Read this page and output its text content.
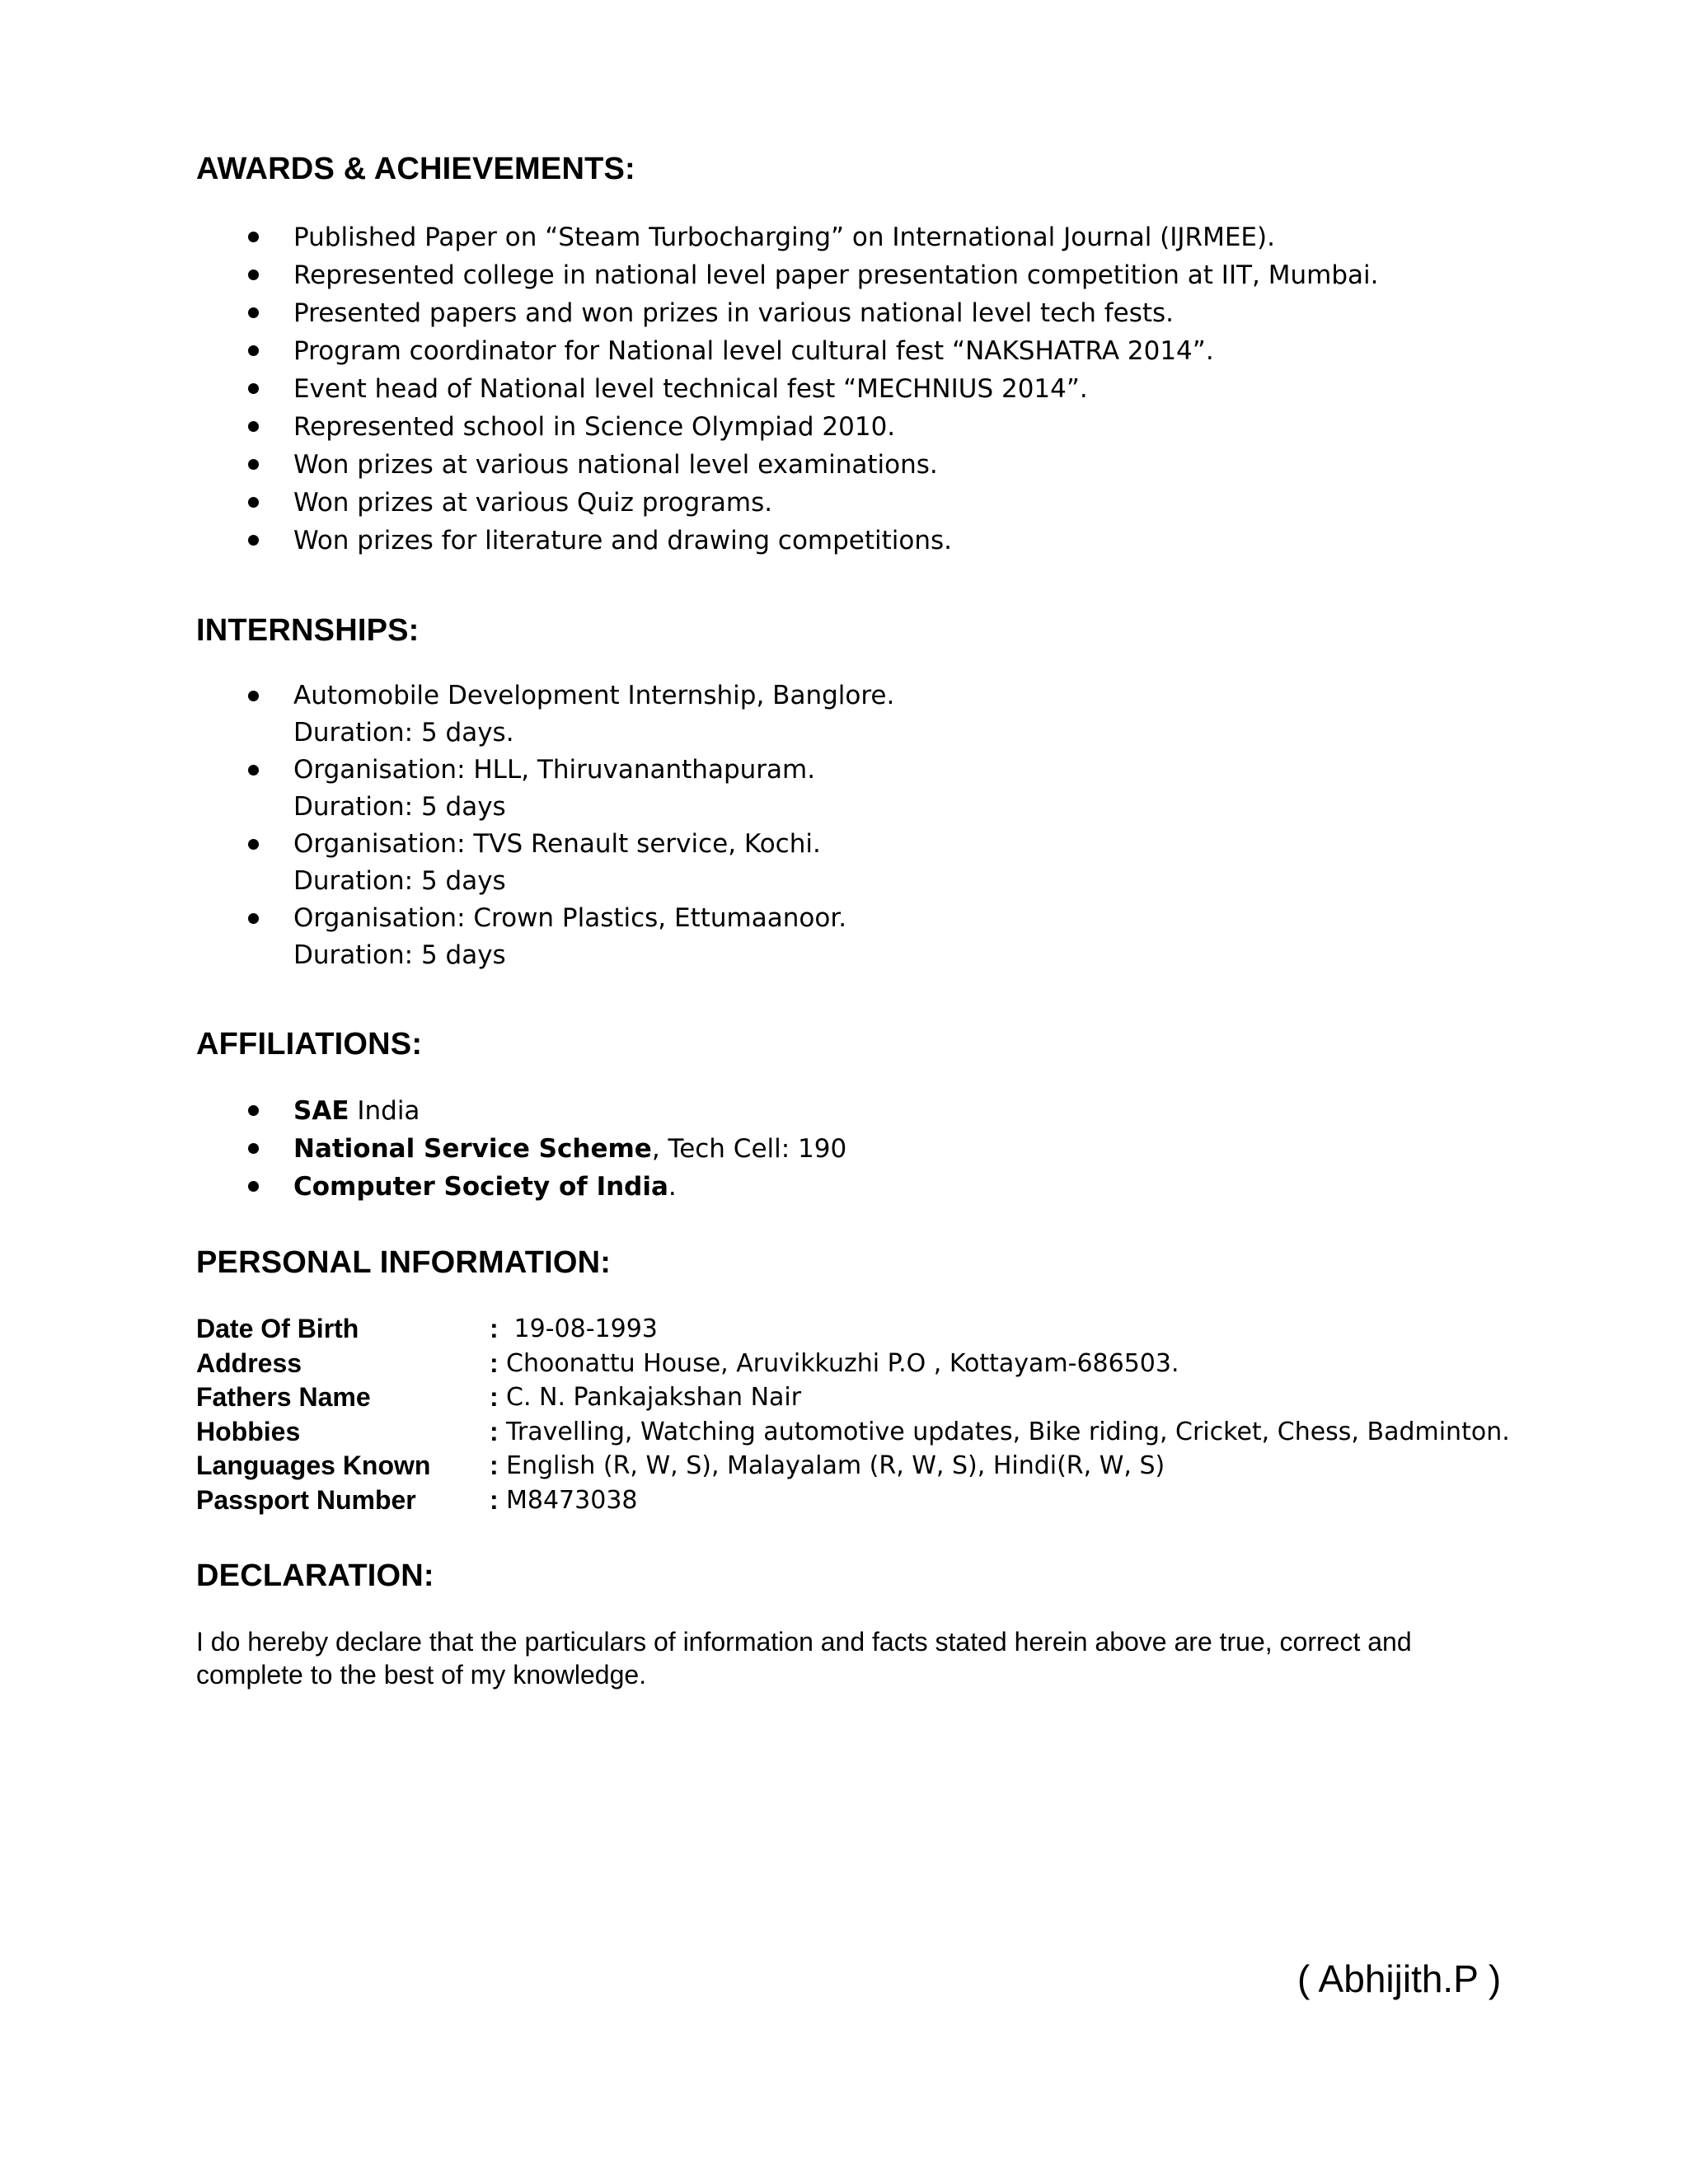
AWARDS & ACHIEVEMENTS:
Published Paper on “Steam Turbocharging” on International Journal (IJRMEE).
Represented college in national level paper presentation competition at IIT, Mumbai.
Presented papers and won prizes in various national level tech fests.
Program coordinator for National level cultural fest “NAKSHATRA 2014”.
Event head of National level technical fest “MECHNIUS 2014”.
Represented school in Science Olympiad 2010.
Won prizes at various national level examinations.
Won prizes at various Quiz programs.
Won prizes for literature and drawing competitions.
INTERNSHIPS:
Automobile Development Internship, Banglore.
Duration: 5 days.
Organisation: HLL, Thiruvananthapuram.
Duration: 5 days
Organisation: TVS Renault service, Kochi.
Duration: 5 days
Organisation: Crown Plastics, Ettumaanoor.
Duration: 5 days
AFFILIATIONS:
SAE India
National Service Scheme, Tech Cell: 190
Computer Society of India.
PERSONAL INFORMATION:
Date Of Birth	: 19-08-1993
Address	: Choonattu House, Aruvikkuzhi P.O , Kottayam-686503.
Fathers Name	: C. N. Pankajakshan Nair
Hobbies	: Travelling, Watching automotive updates, Bike riding, Cricket, Chess, Badminton.
Languages Known	: English (R, W, S), Malayalam (R, W, S), Hindi(R, W, S)
Passport Number	: M8473038
DECLARATION:

I do hereby declare that the particulars of information and facts stated herein above are true, correct and complete to the best of my knowledge.

( Abhijith.P )
